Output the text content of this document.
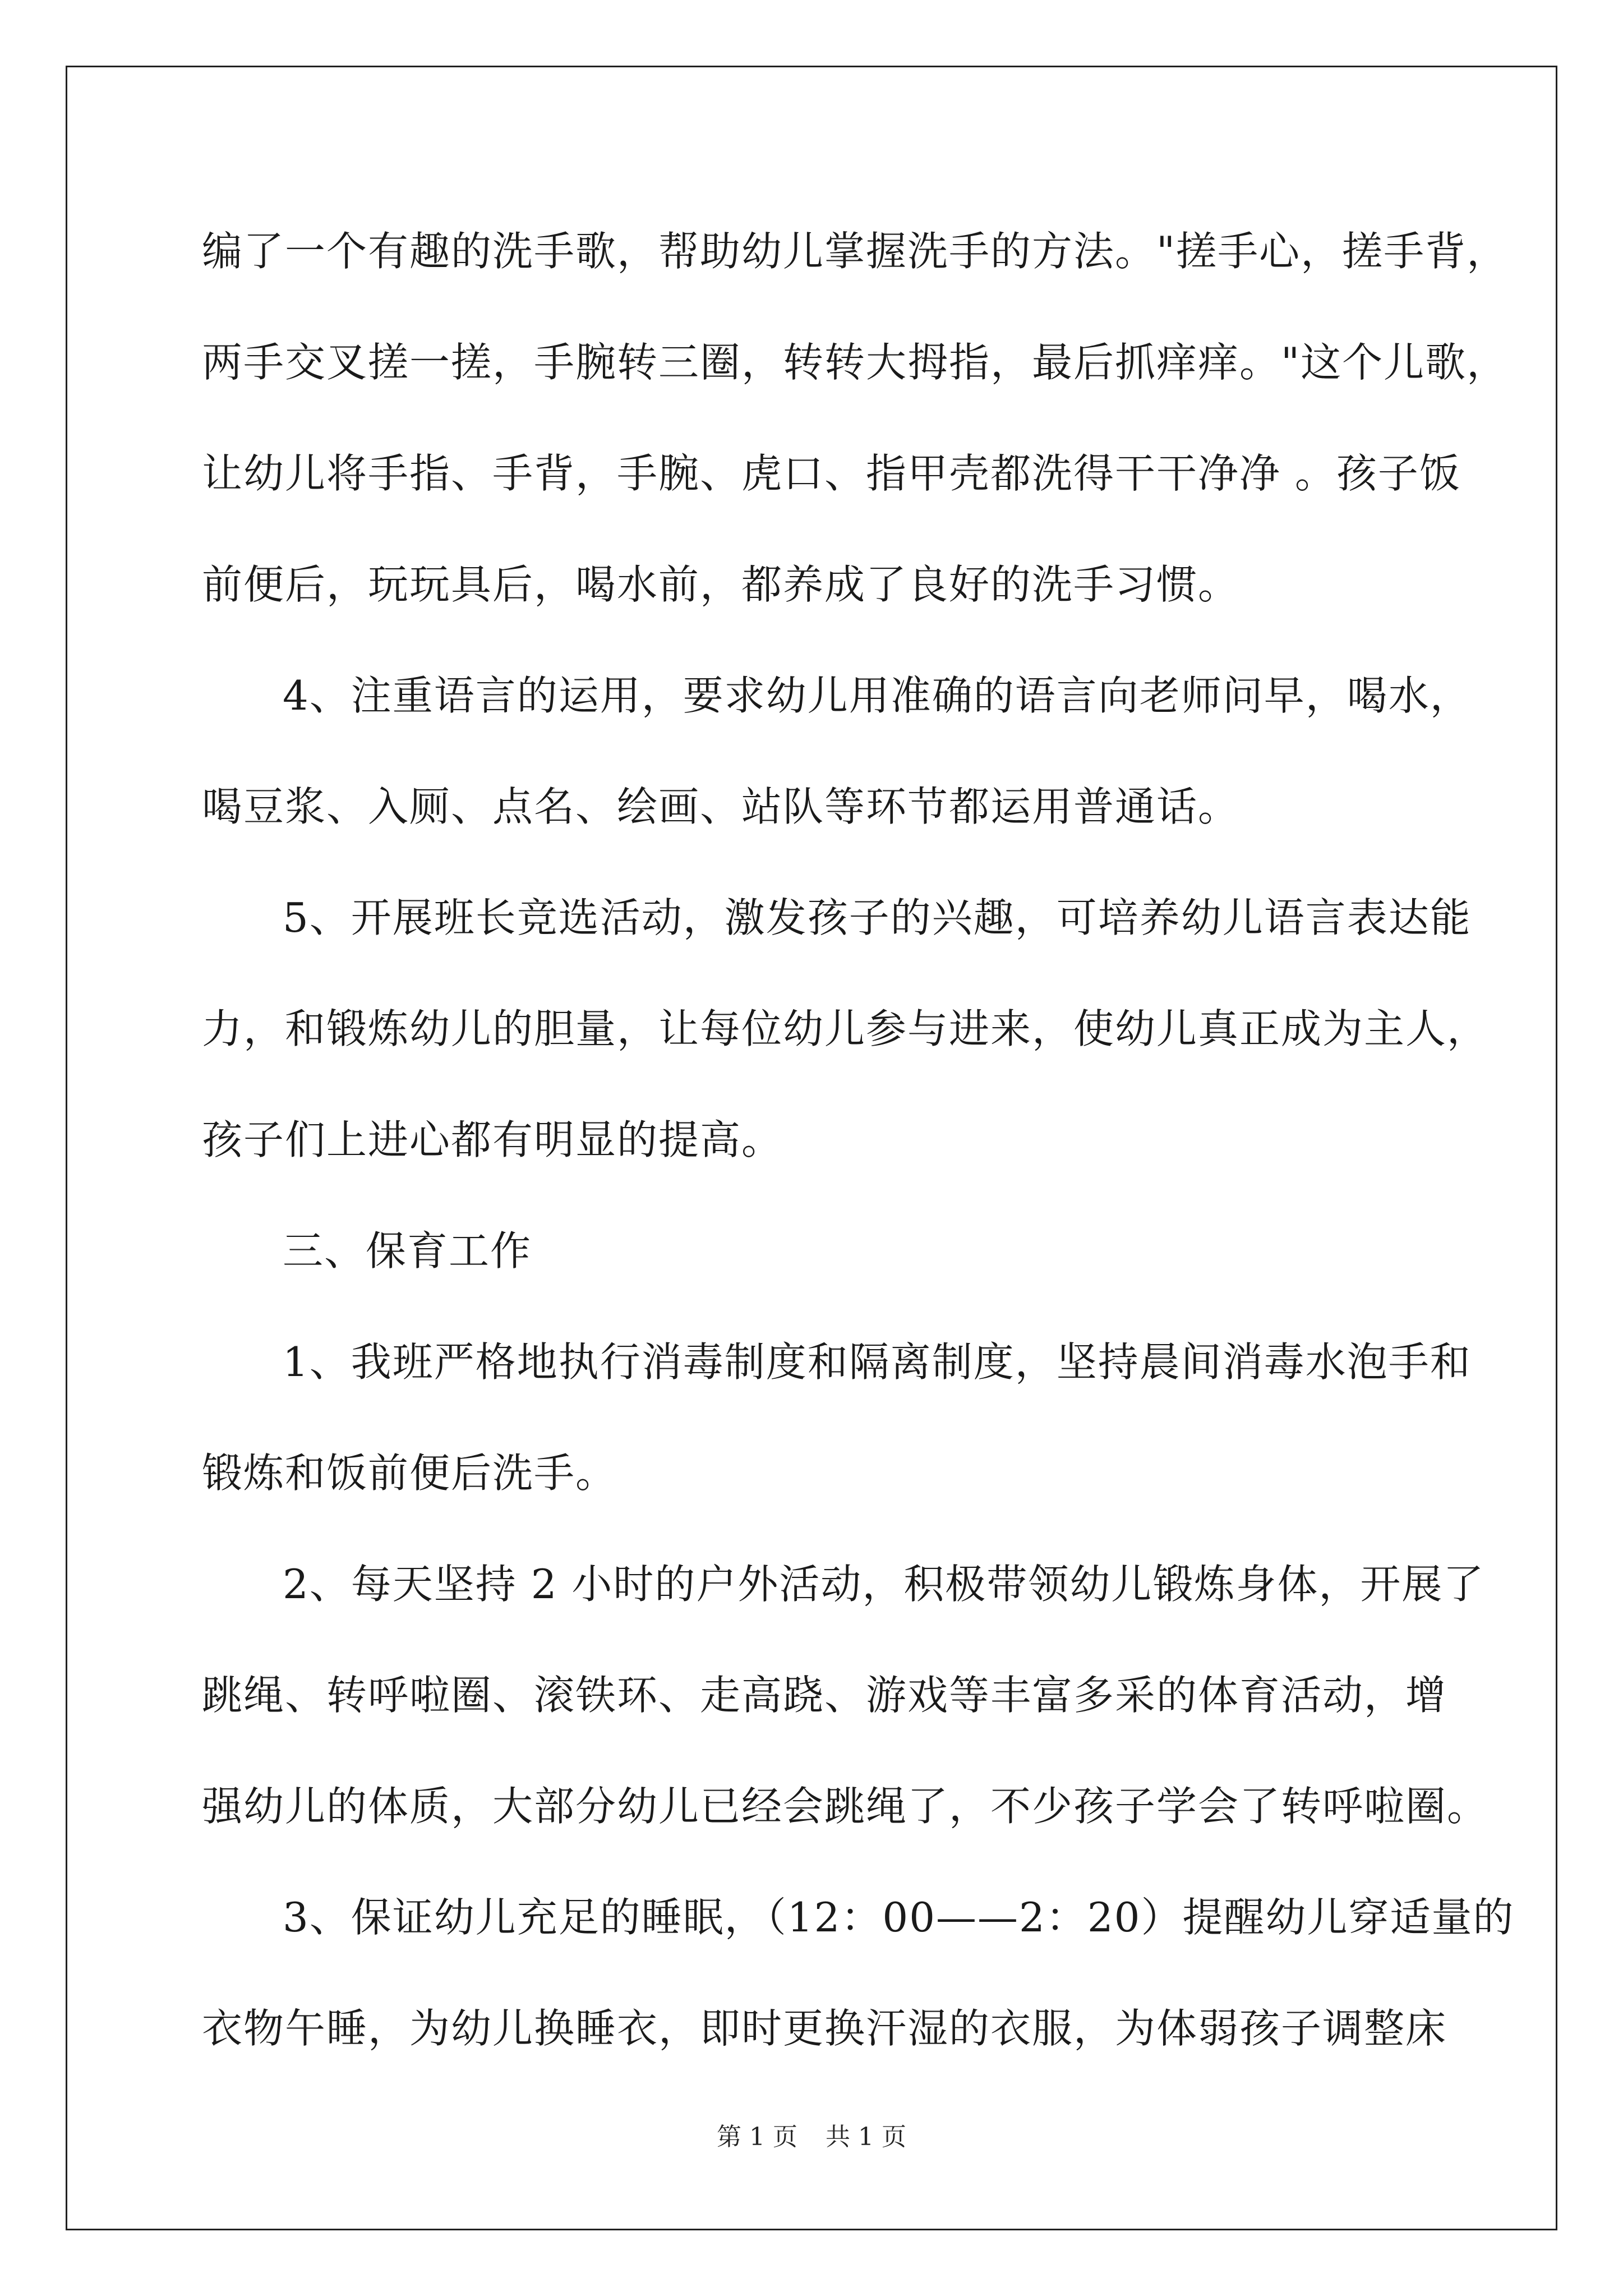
编了一个有趣的洗手歌，帮助幼儿掌握洗手的方法。"搓手心，搓手背，
两手交叉搓一搓，手腕转三圈，转转大拇指，最后抓痒痒。"这个儿歌，
让幼儿将手指、手背，手腕、虎口、指甲壳都洗得干干净净 。孩子饭
前便后，玩玩具后，喝水前，都养成了良好的洗手习惯。
4、注重语言的运用，要求幼儿用准确的语言向老师问早，喝水，
喝豆浆、入厕、点名、绘画、站队等环节都运用普通话。
5、开展班长竞选活动，激发孩子的兴趣，可培养幼儿语言表达能
力，和锻炼幼儿的胆量，让每位幼儿参与进来，使幼儿真正成为主人，
孩子们上进心都有明显的提高。
三、保育工作
1、我班严格地执行消毒制度和隔离制度，坚持晨间消毒水泡手和
锻炼和饭前便后洗手。
2、每天坚持 2 小时的户外活动，积极带领幼儿锻炼身体，开展了
跳绳、转呼啦圈、滚铁环、走高跷、游戏等丰富多采的体育活动，增
强幼儿的体质，大部分幼儿已经会跳绳了，不少孩子学会了转呼啦圈。
3、保证幼儿充足的睡眠，（12：00——2：20）提醒幼儿穿适量的
衣物午睡，为幼儿换睡衣，即时更换汗湿的衣服，为体弱孩子调整床
第 1 页 共 1 页
